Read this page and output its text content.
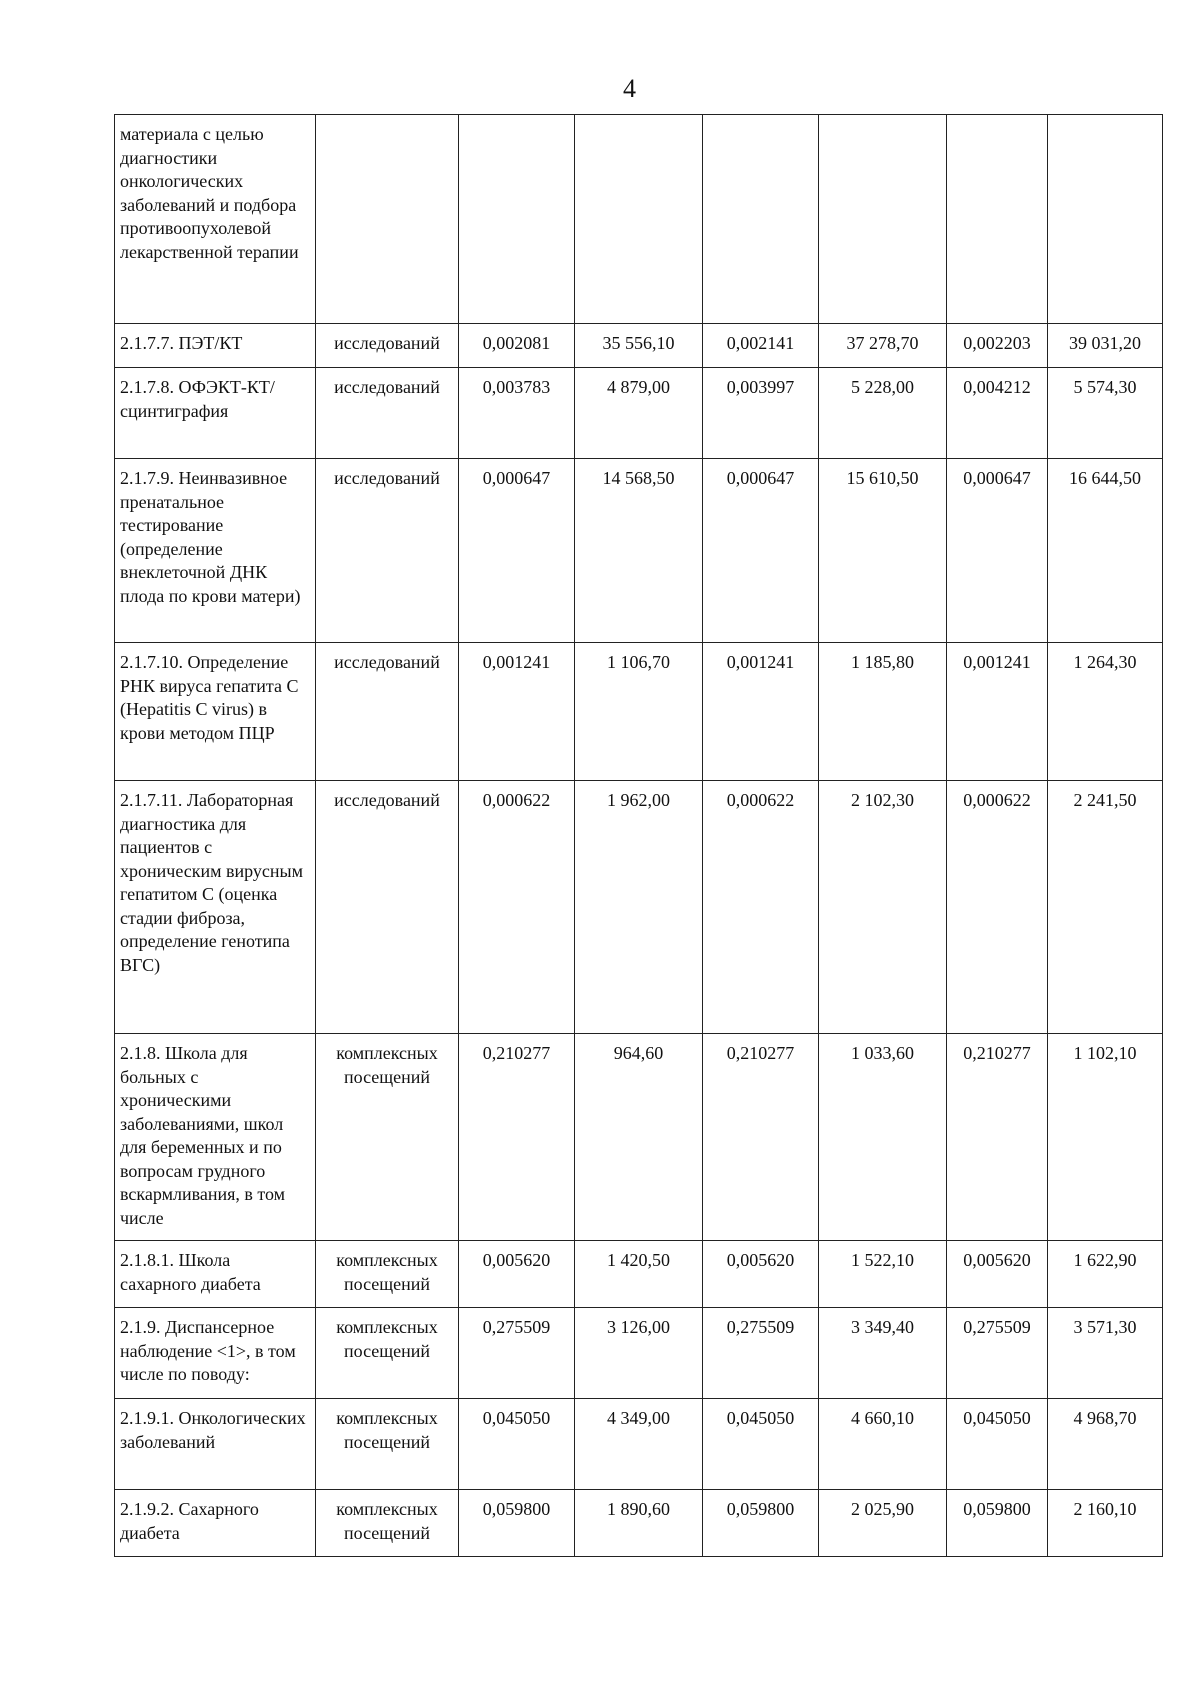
4
материала с целью диагностики онкологических заболеваний и подбора противоопухолевой лекарственной терапии							
2.1.7.7. ПЭТ/КТ	исследований	0,002081	35 556,10	0,002141	37 278,70	0,002203	39 031,20
2.1.7.8. ОФЭКТ-КТ/сцинтиграфия	исследований	0,003783	4 879,00	0,003997	5 228,00	0,004212	5 574,30
2.1.7.9. Неинвазивное пренатальное тестирование (определение внеклеточной ДНК плода по крови матери)	исследований	0,000647	14 568,50	0,000647	15 610,50	0,000647	16 644,50
2.1.7.10. Определение РНК вируса гепатита С (Hepatitis C virus) в крови методом ПЦР	исследований	0,001241	1 106,70	0,001241	1 185,80	0,001241	1 264,30
2.1.7.11. Лабораторная диагностика для пациентов с хроническим вирусным гепатитом С (оценка стадии фиброза, определение генотипа ВГС)	исследований	0,000622	1 962,00	0,000622	2 102,30	0,000622	2 241,50
2.1.8. Школа для больных с хроническими заболеваниями, школ для беременных и по вопросам грудного вскармливания, в том числе	комплексных посещений	0,210277	964,60	0,210277	1 033,60	0,210277	1 102,10
2.1.8.1. Школа сахарного диабета	комплексных посещений	0,005620	1 420,50	0,005620	1 522,10	0,005620	1 622,90
2.1.9. Диспансерное наблюдение <1>, в том числе по поводу:	комплексных посещений	0,275509	3 126,00	0,275509	3 349,40	0,275509	3 571,30
2.1.9.1. Онкологических заболеваний	комплексных посещений	0,045050	4 349,00	0,045050	4 660,10	0,045050	4 968,70
2.1.9.2. Сахарного диабета	комплексных посещений	0,059800	1 890,60	0,059800	2 025,90	0,059800	2 160,10
